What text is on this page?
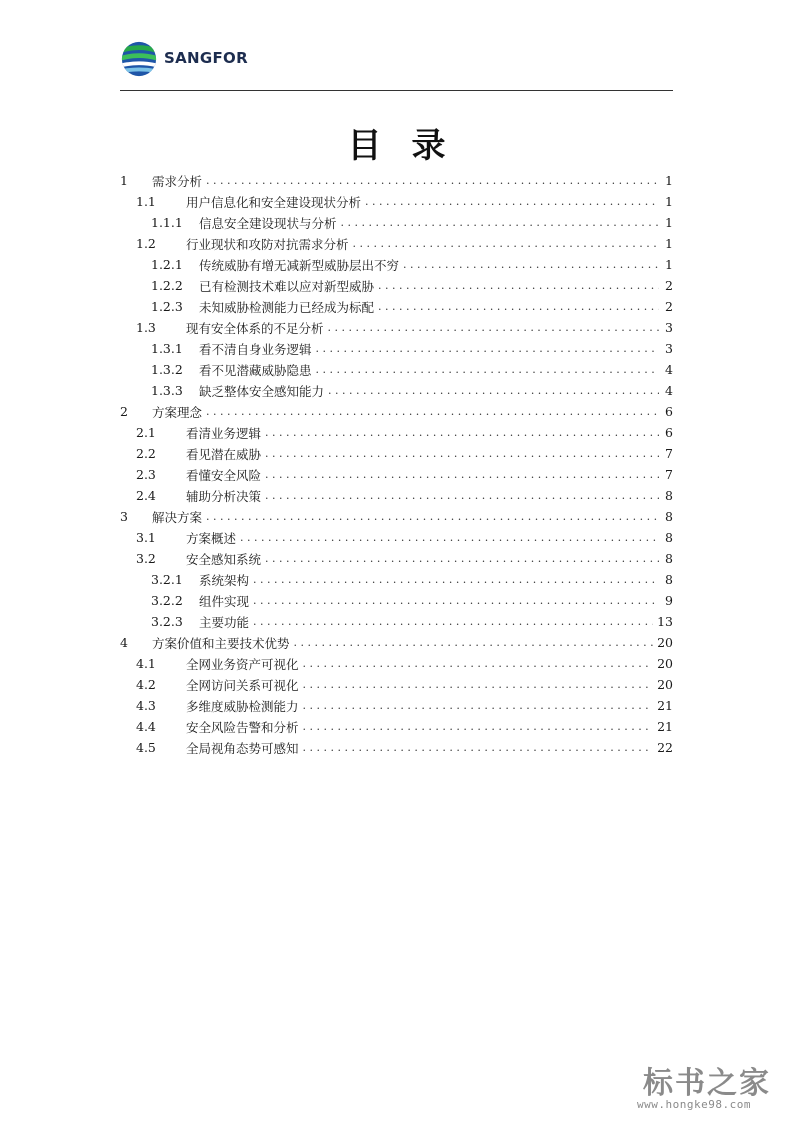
SANGFOR
目录
1	需求分析 . . .	1
1.1	用户信息化和安全建设现状分析 . . .	1
1.1.1	信息安全建设现状与分析 . . .	1
1.2	行业现状和攻防对抗需求分析 . . .	1
1.2.1	传统威胁有增无减新型威胁层出不穷 . . .	1
1.2.2	已有检测技术难以应对新型威胁 . . .	2
1.2.3	未知威胁检测能力已经成为标配 . . .	2
1.3	现有安全体系的不足分析 . . .	3
1.3.1	看不清自身业务逻辑 . . .	3
1.3.2	看不见潜藏威胁隐患 . . .	4
1.3.3	缺乏整体安全感知能力 . . .	4
2	方案理念 . . .	6
2.1	看清业务逻辑 . . .	6
2.2	看见潜在威胁 . . .	7
2.3	看懂安全风险 . . .	7
2.4	辅助分析决策 . . .	8
3	解决方案 . . .	8
3.1	方案概述 . . .	8
3.2	安全感知系统 . . .	8
3.2.1	系统架构 . . .	8
3.2.2	组件实现 . . .	9
3.2.3	主要功能 . . .	13
4	方案价值和主要技术优势 . . .	20
4.1	全网业务资产可视化 . . .	20
4.2	全网访问关系可视化 . . .	20
4.3	多维度威胁检测能力 . . .	21
4.4	安全风险告警和分析 . . .	21
4.5	全局视角态势可感知 . . .	22
标书之家
www.hongke98.com
